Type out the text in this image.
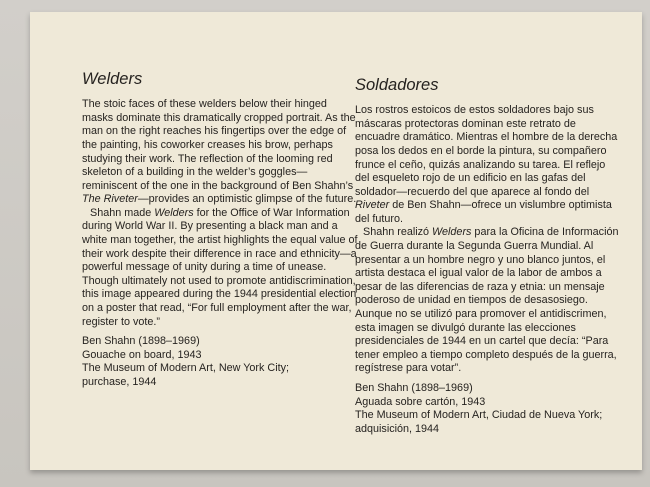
Welders

The stoic faces of these welders below their hinged masks dominate this dramatically cropped portrait. As the man on the right reaches his fingertips over the edge of the painting, his coworker creases his brow, perhaps studying their work. The reflection of the looming red skeleton of a building in the welder’s goggles—reminiscent of the one in the background of Ben Shahn’s The Riveter—provides an optimistic glimpse of the future.

Shahn made Welders for the Office of War Information during World War II. By presenting a black man and a white man together, the artist highlights the equal value of their work despite their difference in race and ethnicity—a powerful message of unity during a time of unease. Though ultimately not used to promote antidiscrimination, this image appeared during the 1944 presidential election on a poster that read, “For full employment after the war, register to vote.”

Ben Shahn (1898–1969)
Gouache on board, 1943
The Museum of Modern Art, New York City;
purchase, 1944
Soldadores

Los rostros estoicos de estos soldadores bajo sus máscaras protectoras dominan este retrato de encuadre dramático. Mientras el hombre de la derecha posa los dedos en el borde la pintura, su compañero frunce el ceño, quizás analizando su tarea. El reflejo del esqueleto rojo de un edificio en las gafas del soldador—recuerdo del que aparece al fondo del Riveter de Ben Shahn—ofrece un vislumbre optimista del futuro.

Shahn realizó Welders para la Oficina de Información de Guerra durante la Segunda Guerra Mundial. Al presentar a un hombre negro y uno blanco juntos, el artista destaca el igual valor de la labor de ambos a pesar de las diferencias de raza y etnia: un mensaje poderoso de unidad en tiempos de desasosiego. Aunque no se utilizó para promover el antidiscrimen, esta imagen se divulgó durante las elecciones presidenciales de 1944 en un cartel que decía: “Para tener empleo a tiempo completo después de la guerra, regístrese para votar”.

Ben Shahn (1898–1969)
Aguada sobre cartón, 1943
The Museum of Modern Art, Ciudad de Nueva York;
adquisición, 1944
